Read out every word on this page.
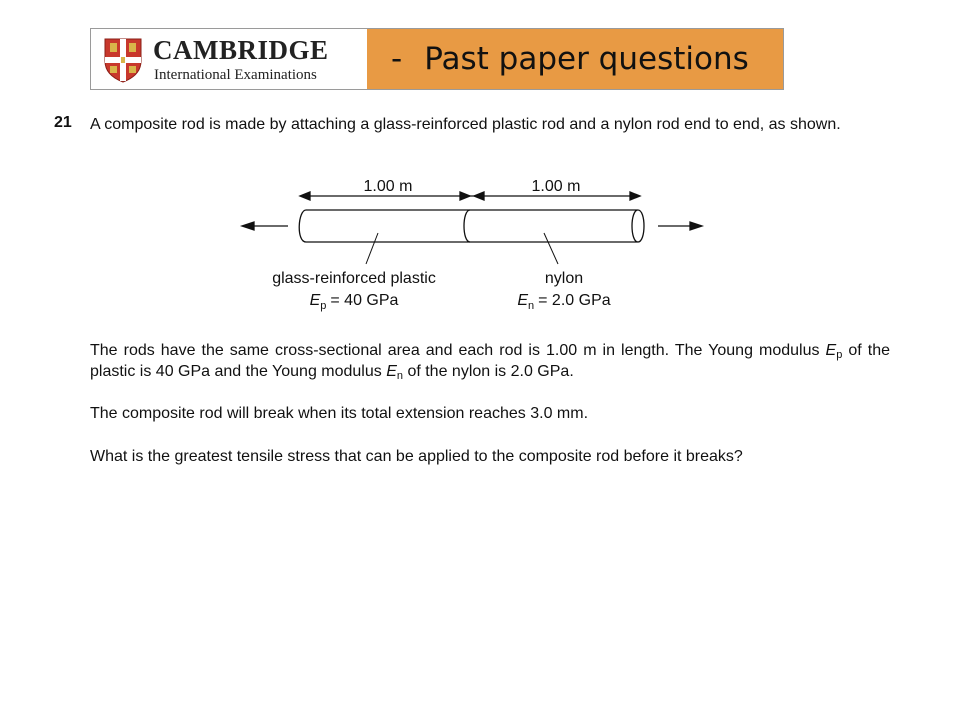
CAMBRIDGE
International Examinations - Past paper questions
21 A composite rod is made by attaching a glass-reinforced plastic rod and a nylon rod end to end, as shown.

1.00 m	1.00 m
glass-reinforced plastic
$E_p = 40$ GPa
nylon
$E_n = 2.0$ GPa

The rods have the same cross-sectional area and each rod is 1.00 m in length. The Young modulus $E_p$ of the plastic is 40 GPa and the Young modulus $E_n$ of the nylon is 2.0 GPa.

The composite rod will break when its total extension reaches 3.0 mm.

What is the greatest tensile stress that can be applied to the composite rod before it breaks?
